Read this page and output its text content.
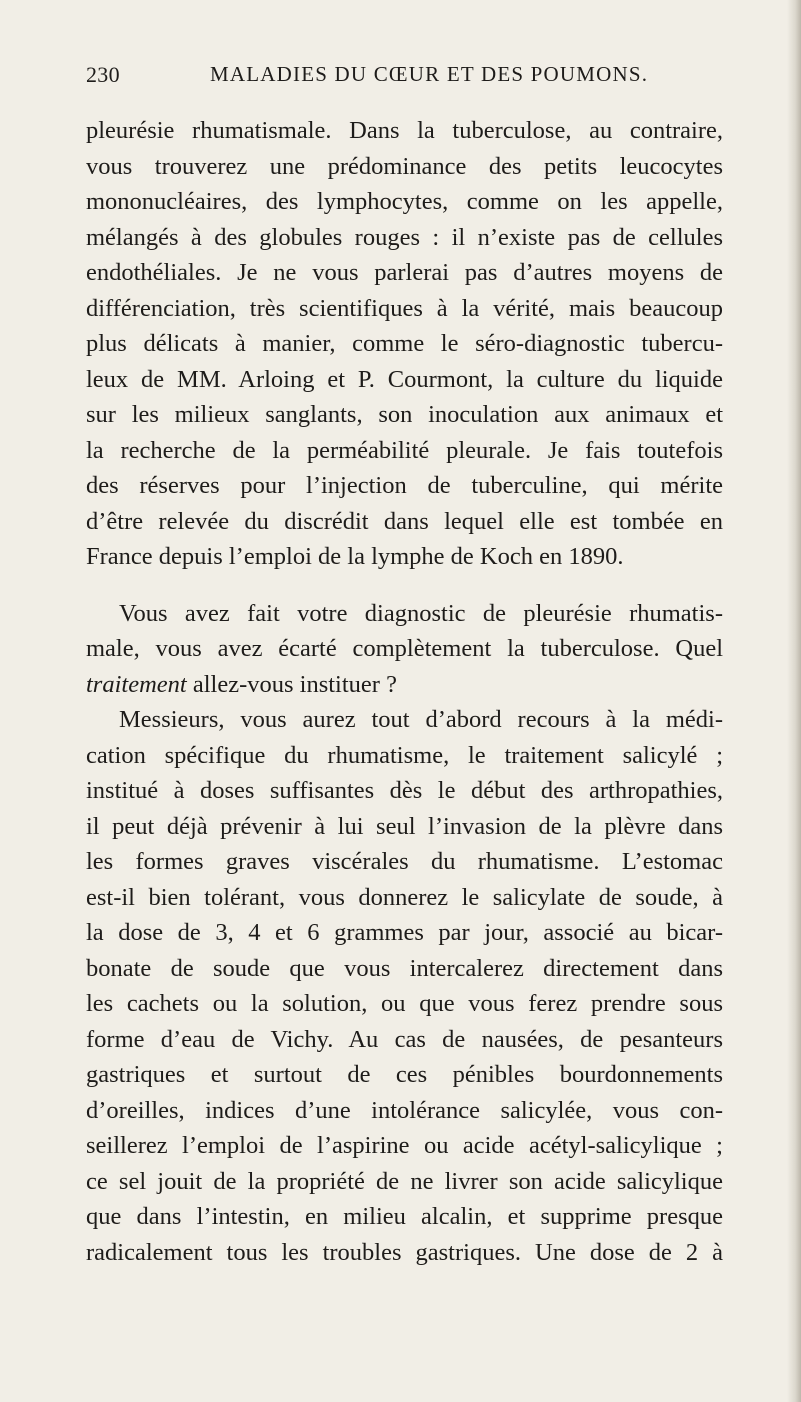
230	MALADIES DU CŒUR ET DES POUMONS.
pleurésie rhumatismale. Dans la tuberculose, au contraire,
vous trouverez une prédominance des petits leucocytes
mononucléaires, des lymphocytes, comme on les appelle,
mélangés à des globules rouges : il n’existe pas de cellules
endothéliales. Je ne vous parlerai pas d’autres moyens de
différenciation, très scientifiques à la vérité, mais beaucoup
plus délicats à manier, comme le séro-diagnostic tubercu-
leux de MM. Arloing et P. Courmont, la culture du liquide
sur les milieux sanglants, son inoculation aux animaux et
la recherche de la perméabilité pleurale. Je fais toutefois
des réserves pour l’injection de tuberculine, qui mérite
d’être relevée du discrédit dans lequel elle est tombée en
France depuis l’emploi de la lymphe de Koch en 1890.
Vous avez fait votre diagnostic de pleurésie rhumatis-
male, vous avez écarté complètement la tuberculose. Quel
traitement allez-vous instituer ?
Messieurs, vous aurez tout d’abord recours à la médi-
cation spécifique du rhumatisme, le traitement salicylé ;
institué à doses suffisantes dès le début des arthropathies,
il peut déjà prévenir à lui seul l’invasion de la plèvre dans
les formes graves viscérales du rhumatisme. L’estomac
est-il bien tolérant, vous donnerez le salicylate de soude, à
la dose de 3, 4 et 6 grammes par jour, associé au bicar-
bonate de soude que vous intercalerez directement dans
les cachets ou la solution, ou que vous ferez prendre sous
forme d’eau de Vichy. Au cas de nausées, de pesanteurs
gastriques et surtout de ces pénibles bourdonnements
d’oreilles, indices d’une intolérance salicylée, vous con-
seillerez l’emploi de l’aspirine ou acide acétyl-salicylique ;
ce sel jouit de la propriété de ne livrer son acide salicylique
que dans l’intestin, en milieu alcalin, et supprime presque
radicalement tous les troubles gastriques. Une dose de 2 à
